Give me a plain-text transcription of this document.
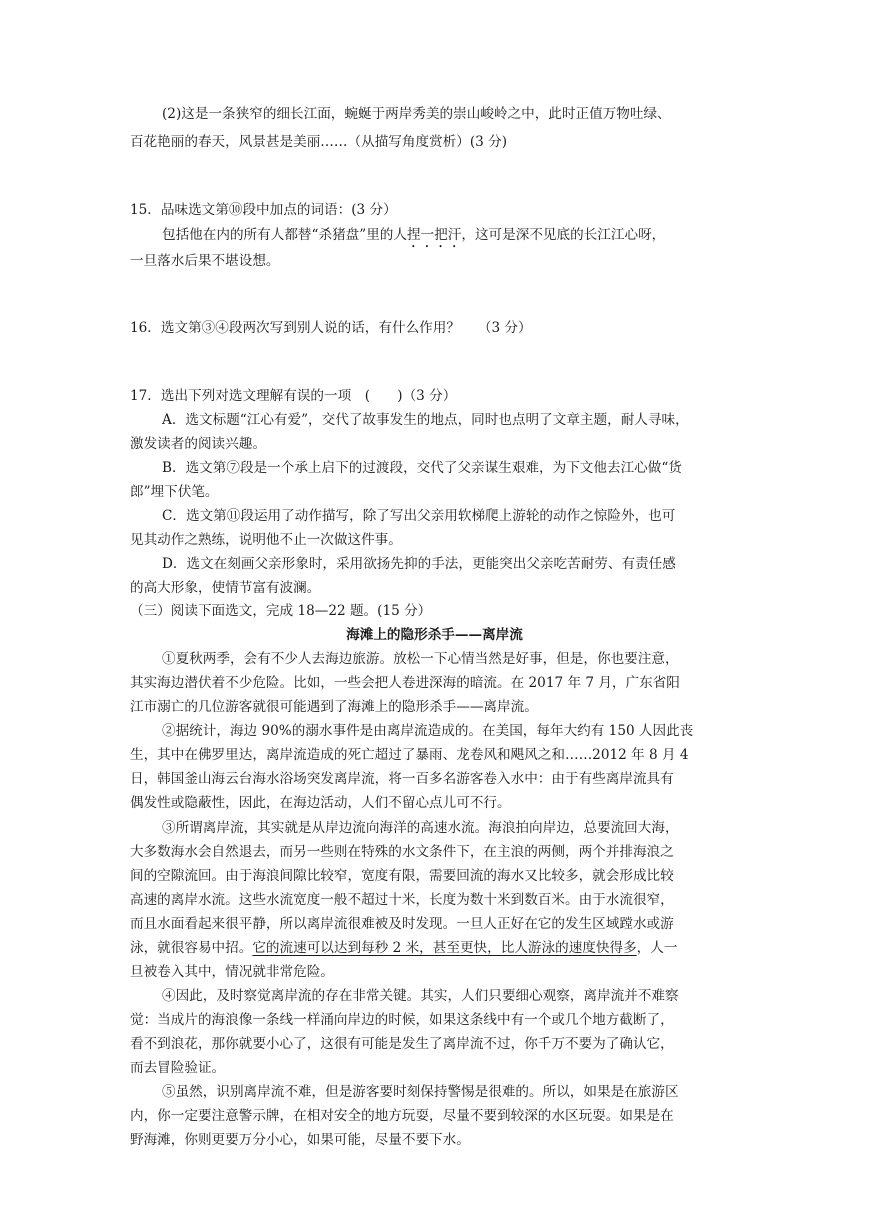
(2)这是一条狭窄的细长江面，蜿蜒于两岸秀美的崇山峻岭之中，此时正值万物吐绿、
百花艳丽的春天，风景甚是美丽……（从描写角度赏析）(3 分)
15．品味选文第⑩段中加点的词语：(3 分）
包括他在内的所有人都替“杀猪盘”里的人捏一把汗，这可是深不见底的长江江心呀，
一旦落水后果不堪设想。
16．选文第③④段两次写到别人说的话，有什么作用？　 （3 分）
17．选出下列对选文理解有误的一项　(　　)（3 分）
A．选文标题“江心有爱”，交代了故事发生的地点，同时也点明了文章主题，耐人寻味，
激发读者的阅读兴趣。
B．选文第⑦段是一个承上启下的过渡段，交代了父亲谋生艰难，为下文他去江心做“货
郎”埋下伏笔。
C．选文第⑪段运用了动作描写，除了写出父亲用软梯爬上游轮的动作之惊险外，也可
见其动作之熟练，说明他不止一次做这件事。
D．选文在刻画父亲形象时，采用欲扬先抑的手法，更能突出父亲吃苦耐劳、有责任感
的高大形象，使情节富有波澜。
（三）阅读下面选文，完成 18—22 题。(15 分）
海滩上的隐形杀手——离岸流
①夏秋两季，会有不少人去海边旅游。放松一下心情当然是好事，但是，你也要注意，
其实海边潜伏着不少危险。比如，一些会把人卷进深海的暗流。在 2017 年 7 月，广东省阳
江市溺亡的几位游客就很可能遇到了海滩上的隐形杀手——离岸流。
②据统计，海边 90%的溺水事件是由离岸流造成的。在美国，每年大约有 150 人因此丧
生，其中在佛罗里达，离岸流造成的死亡超过了暴雨、龙卷风和飓风之和……2012 年 8 月 4
日，韩国釜山海云台海水浴场突发离岸流，将一百多名游客卷入水中：由于有些离岸流具有
偶发性或隐蔽性，因此，在海边活动，人们不留心点儿可不行。
③所谓离岸流，其实就是从岸边流向海洋的高速水流。海浪拍向岸边，总要流回大海，
大多数海水会自然退去，而另一些则在特殊的水文条件下，在主浪的两侧，两个并排海浪之
间的空隙流回。由于海浪间隙比较窄，宽度有限，需要回流的海水又比较多，就会形成比较
高速的离岸水流。这些水流宽度一般不超过十米，长度为数十米到数百米。由于水流很窄，
而且水面看起来很平静，所以离岸流很难被及时发现。一旦人正好在它的发生区域蹚水或游
泳，就很容易中招。它的流速可以达到每秒 2 米，甚至更快，比人游泳的速度快得多，人一
旦被卷入其中，情况就非常危险。
④因此，及时察觉离岸流的存在非常关键。其实，人们只要细心观察，离岸流并不难察
觉：当成片的海浪像一条线一样涌向岸边的时候，如果这条线中有一个或几个地方截断了，
看不到浪花，那你就要小心了，这很有可能是发生了离岸流不过，你千万不要为了确认它，
而去冒险验证。
⑤虽然，识别离岸流不难，但是游客要时刻保持警惕是很难的。所以，如果是在旅游区
内，你一定要注意警示牌，在相对安全的地方玩耍，尽量不要到较深的水区玩耍。如果是在
野海滩，你则更要万分小心，如果可能，尽量不要下水。
